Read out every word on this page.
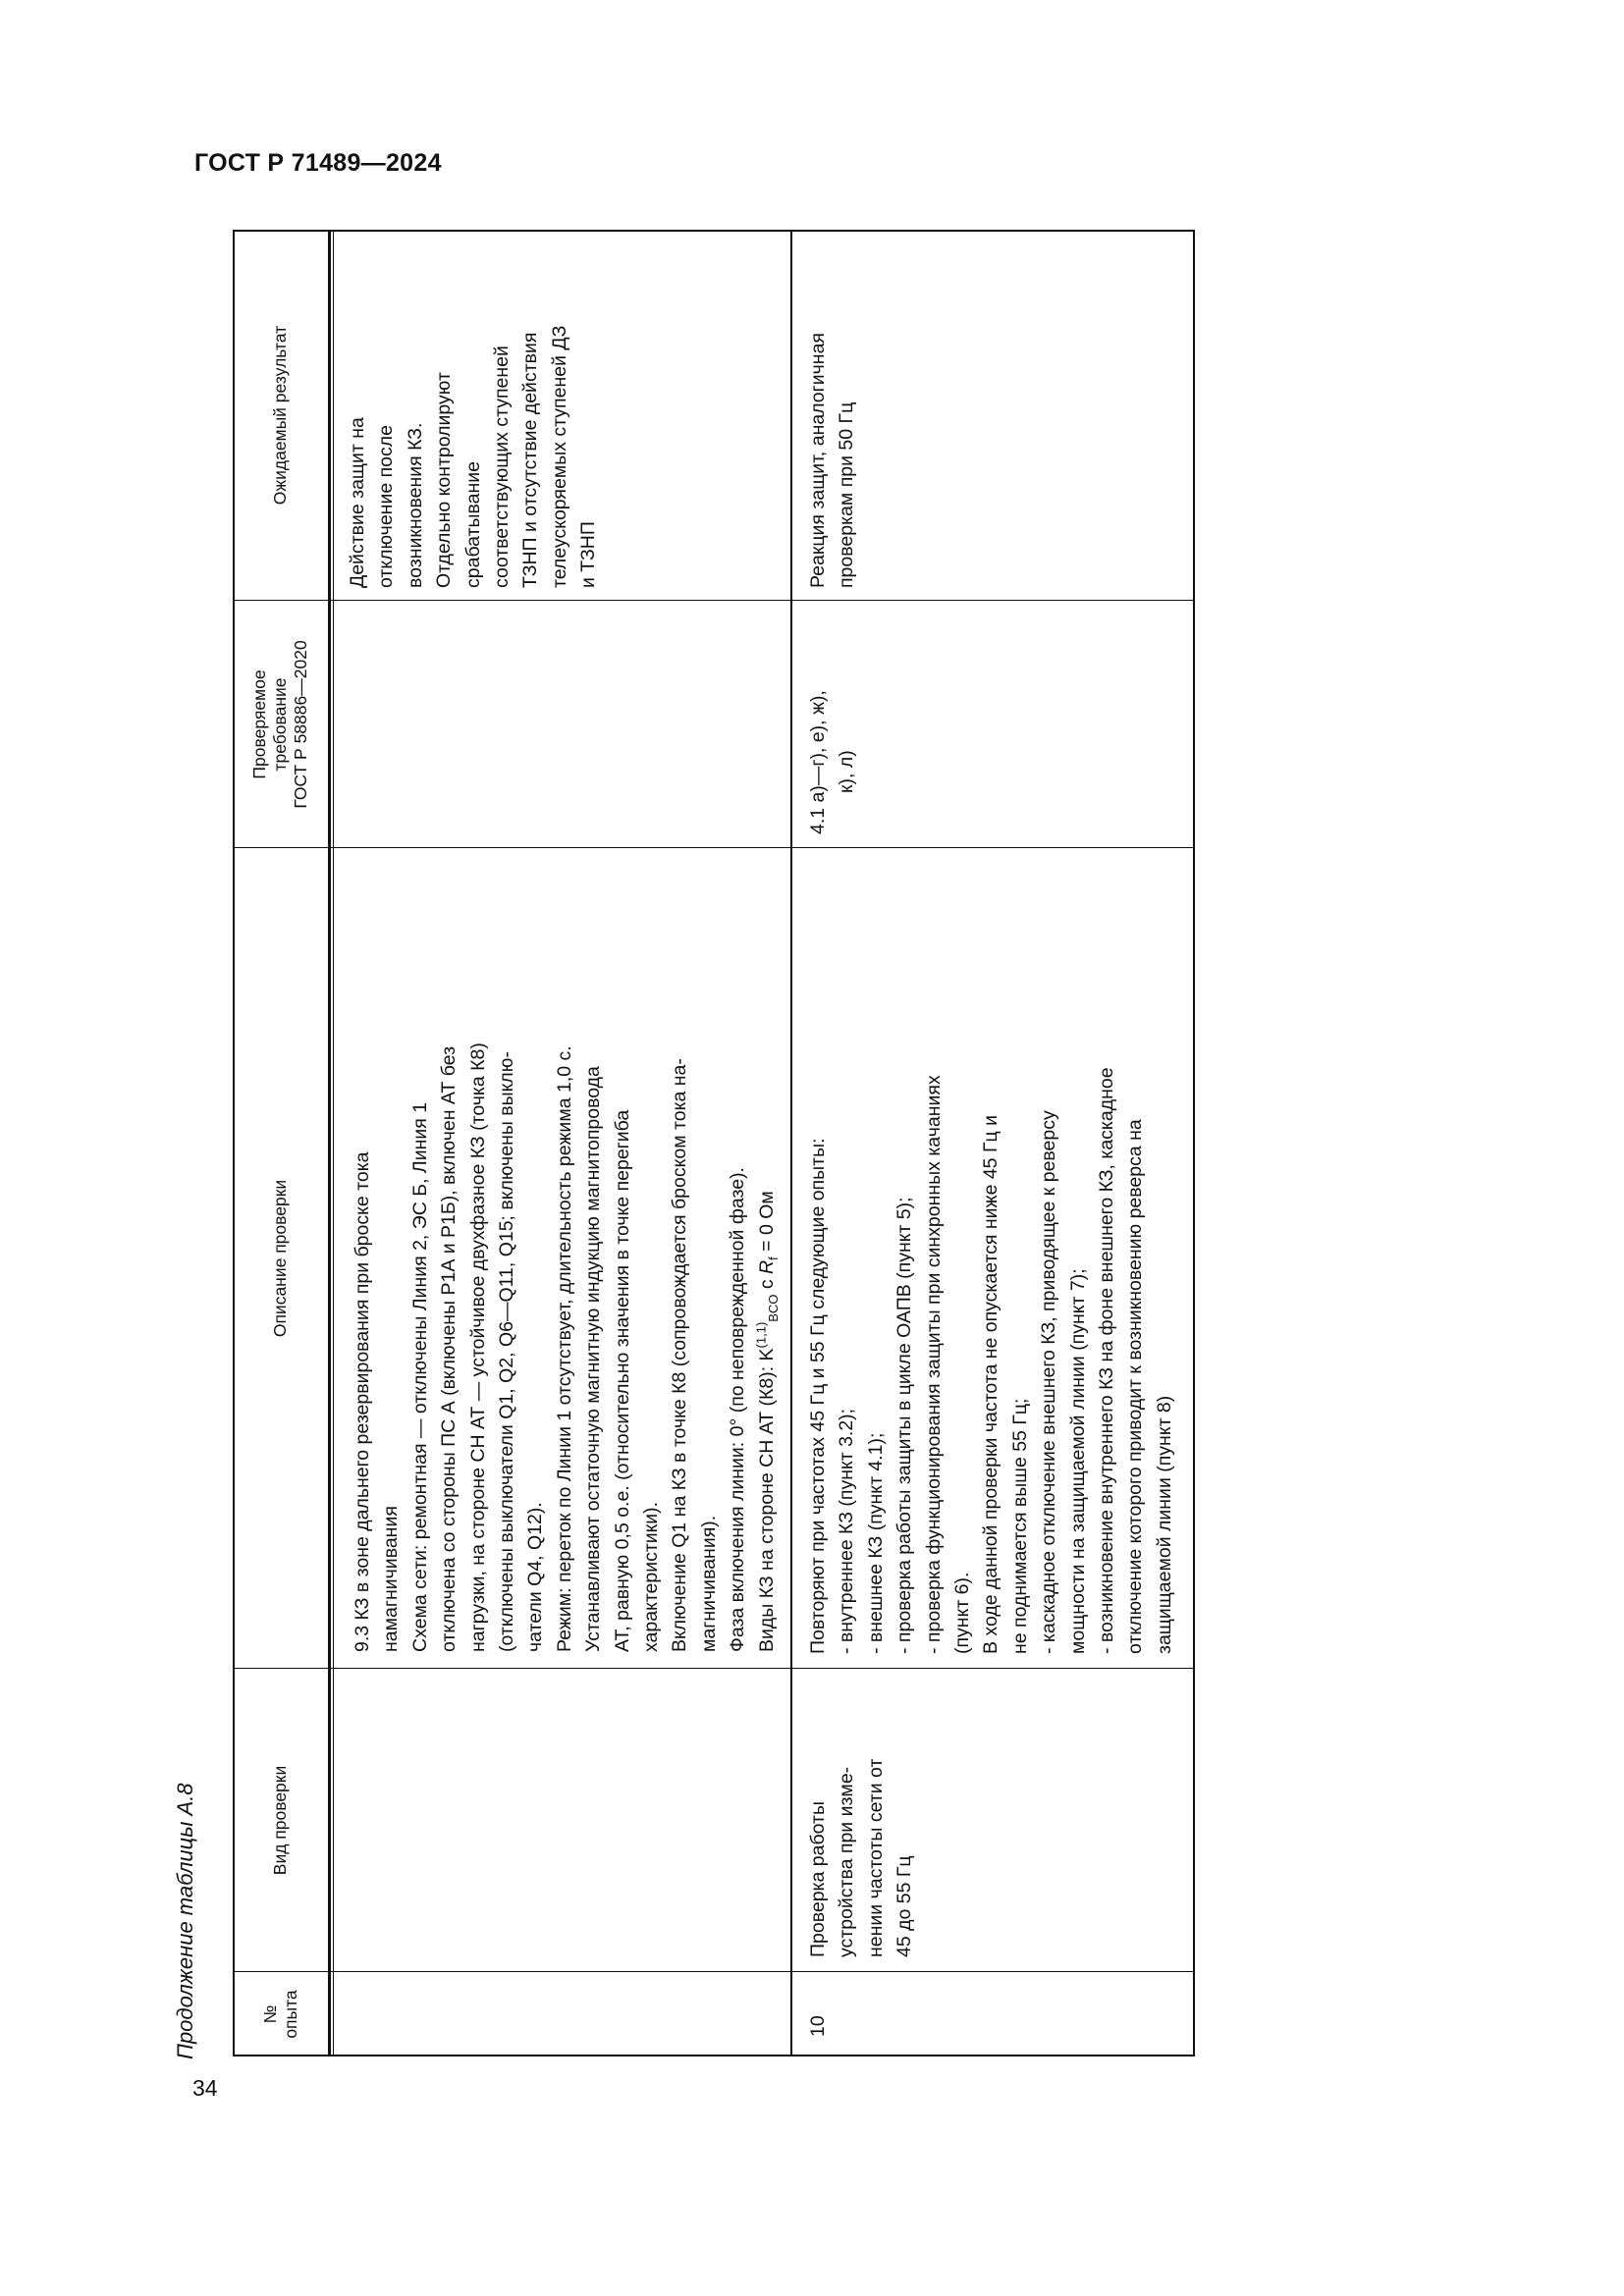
ГОСТ Р 71489—2024
Продолжение таблицы А.8
34
№ опыта
Вид проверки
Описание проверки
Проверяемое требование ГОСТ Р 58886—2020
Ожидаемый результат
9.3 КЗ в зоне дальнего резервирования при броске тока намагничивания Схема сети: ремонтная — отключены Линия 2, ЭС Б, Линия 1 отключена со стороны ПС А (включены Р1А и Р1Б), включен АТ без нагрузки, на стороне СН АТ — устойчивое двухфазное КЗ (точка К8) (отключены выключатели Q1, Q2, Q6—Q11, Q15; включены выклю- чатели Q4, Q12). Режим: переток по Линии 1 отсутствует, длительность режима 1,0 с. Устанавливают остаточную магнитную индукцию магнитопровода АТ, равную 0,5 о.е. (относительно значения в точке перегиба характеристики). Включение Q1 на КЗ в точке К8 (сопровождается броском тока на- магничивания). Фаза включения линии: 0° (по неповрежденной фазе). Виды КЗ на стороне СН АТ (К8): K$^{(1,1)}_{BCO}$ с $R_f = 0$ Ом
Действие защит на отключение после возникновения КЗ. Отдельно контролируют срабатывание соответствующих ступеней ТЗНП и отсутствие действия телеускоряемых ступеней ДЗ и ТЗНП
10
Проверка работы устройства при изме- нении частоты сети от 45 до 55 Гц
Повторяют при частотах 45 Гц и 55 Гц следующие опыты: - внутреннее КЗ (пункт 3.2); - внешнее КЗ (пункт 4.1); - проверка работы защиты в цикле ОАПВ (пункт 5); - проверка функционирования защиты при синхронных качаниях (пункт 6). В ходе данной проверки частота не опускается ниже 45 Гц и не поднимается выше 55 Гц; - каскадное отключение внешнего КЗ, приводящее к реверсу мощности на защищаемой линии (пункт 7); - возникновение внутреннего КЗ на фоне внешнего КЗ, каскадное отключение которого приводит к возникновению реверса на защищаемой линии (пункт 8)
4.1 а)—г), е), ж), к), л)
Реакция защит, аналогичная проверкам при 50 Гц
